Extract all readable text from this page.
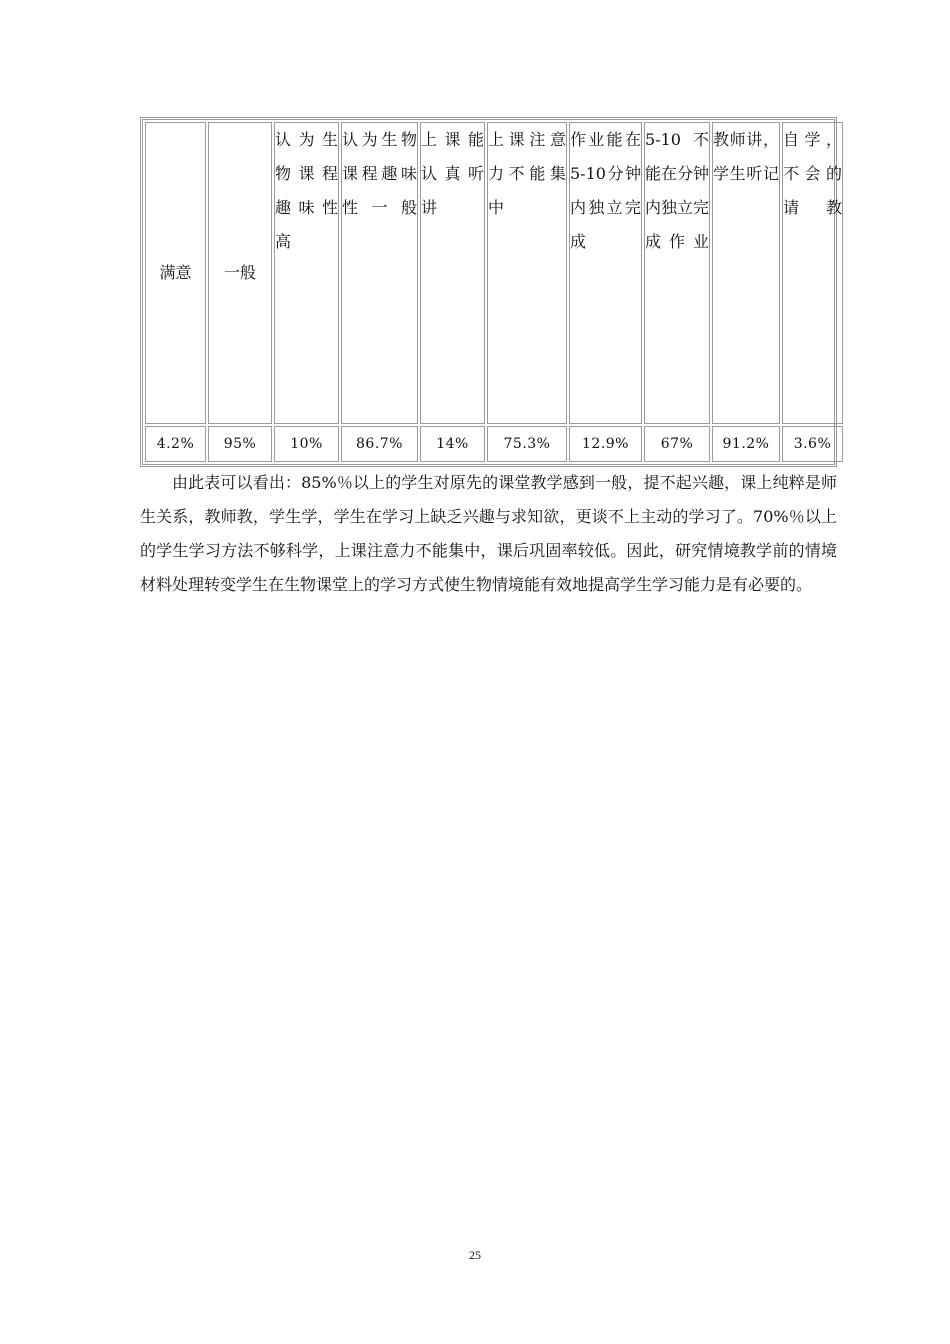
满意	一般	认为生物课程趣味性高	认为生物课程趣味性一般	上课能认真听讲	上课注意力不能集中	作业能在 5-10分钟内独立完成	5-10不能在分钟内独立完成作业	教师讲，学生听记	自学，不会的请教
4.2%	95%	10%	86.7%	14%	75.3%	12.9%	67%	91.2%	3.6%

由此表可以看出：85%％以上的学生对原先的课堂教学感到一般，提不起兴趣，课上纯粹是师生关系，教师教，学生学，学生在学习上缺乏兴趣与求知欲，更谈不上主动的学习了。70%％以上的学生学习方法不够科学，上课注意力不能集中，课后巩固率较低。因此，研究情境教学前的情境材料处理转变学生在生物课堂上的学习方式使生物情境能有效地提高学生学习能力是有必要的。

25
